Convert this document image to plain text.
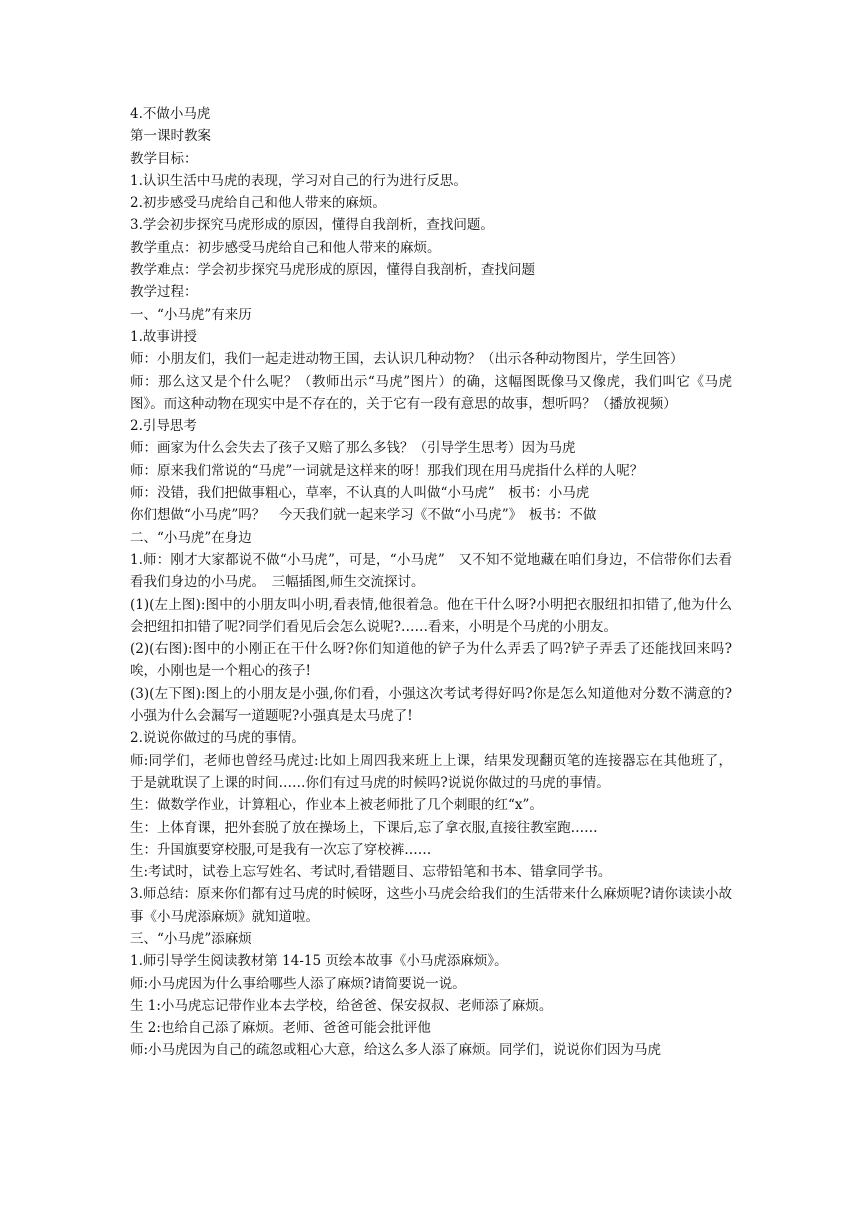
4.不做小马虎

第一课时教案

教学目标：

1.认识生活中马虎的表现，学习对自己的行为进行反思。

2.初步感受马虎给自己和他人带来的麻烦。

3.学会初步探究马虎形成的原因，懂得自我剖析，查找问题。

教学重点：初步感受马虎给自己和他人带来的麻烦。

教学难点：学会初步探究马虎形成的原因，懂得自我剖析，查找问题

教学过程：

一、“小马虎”有来历

1.故事讲授

师：小朋友们，我们一起走进动物王国，去认识几种动物？（出示各种动物图片，学生回答）

师：那么这又是个什么呢？（教师出示“马虎”图片）的确，这幅图既像马又像虎，我们叫它《马虎图》。而这种动物在现实中是不存在的，关于它有一段有意思的故事，想听吗？（播放视频）

2.引导思考

师：画家为什么会失去了孩子又赔了那么多钱？（引导学生思考）因为马虎

师：原来我们常说的“马虎”一词就是这样来的呀！那我们现在用马虎指什么样的人呢？

师：没错，我们把做事粗心，草率，不认真的人叫做“小马虎”　板书：小马虎

你们想做“小马虎”吗？　今天我们就一起来学习《不做“小马虎”》　板书：不做

二、“小马虎”在身边

1.师：刚才大家都说不做“小马虎”，可是，“小马虎”　又不知不觉地藏在咱们身边，不信带你们去看看我们身边的小马虎。　三幅插图,师生交流探讨。

(1)(左上图):图中的小朋友叫小明,看表情,他很着急。他在干什么呀?小明把衣服纽扣扣错了,他为什么会把纽扣扣错了呢?同学们看见后会怎么说呢?……看来，小明是个马虎的小朋友。

(2)(右图):图中的小刚正在干什么呀?你们知道他的铲子为什么弄丢了吗?铲子弄丢了还能找回来吗?唉，小刚也是一个粗心的孩子!

(3)(左下图):图上的小朋友是小强,你们看，小强这次考试考得好吗?你是怎么知道他对分数不满意的?小强为什么会漏写一道题呢?小强真是太马虎了!

2.说说你做过的马虎的事情。

师:同学们，老师也曾经马虎过:比如上周四我来班上上课，结果发现翻页笔的连接器忘在其他班了，于是就耽误了上课的时间……你们有过马虎的时候吗?说说你做过的马虎的事情。

生：做数学作业，计算粗心，作业本上被老师批了几个刺眼的红“x”。

生：上体育课，把外套脱了放在操场上，下课后,忘了拿衣服,直接往教室跑……

生：升国旗要穿校服,可是我有一次忘了穿校裤……

生:考试时，试卷上忘写姓名、考试时,看错题目、忘带铅笔和书本、错拿同学书。

3.师总结：原来你们都有过马虎的时候呀，这些小马虎会给我们的生活带来什么麻烦呢?请你读读小故事《小马虎添麻烦》就知道啦。

三、“小马虎”添麻烦

1.师引导学生阅读教材第 14-15 页绘本故事《小马虎添麻烦》。

师:小马虎因为什么事给哪些人添了麻烦?请简要说一说。

生 1:小马虎忘记带作业本去学校，给爸爸、保安叔叔、老师添了麻烦。

生 2:也给自己添了麻烦。老师、爸爸可能会批评他

师:小马虎因为自己的疏忽或粗心大意，给这么多人添了麻烦。同学们，说说你们因为马虎
